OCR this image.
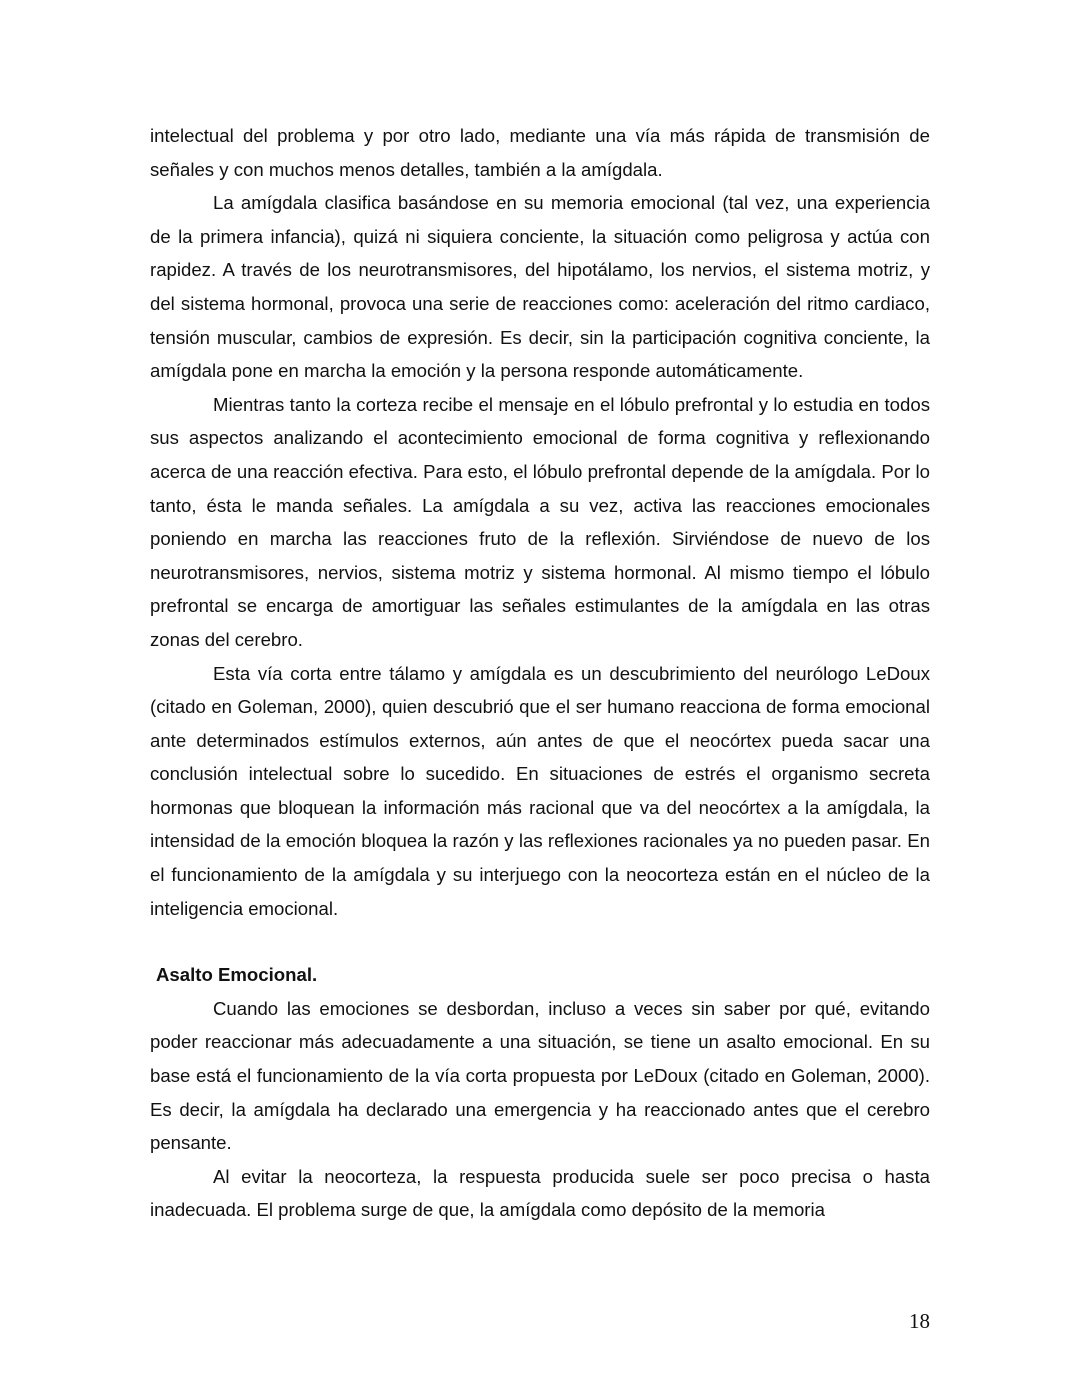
intelectual del problema y por otro lado, mediante una vía más rápida de transmisión de señales y con muchos menos detalles, también a la amígdala.

La amígdala clasifica basándose en su memoria emocional (tal vez, una experiencia de la primera infancia), quizá ni siquiera conciente, la situación como peligrosa y actúa con rapidez. A través de los neurotransmisores, del hipotálamo, los nervios, el sistema motriz, y del sistema hormonal, provoca una serie de reacciones como: aceleración del ritmo cardiaco, tensión muscular, cambios de expresión. Es decir, sin la participación cognitiva conciente, la amígdala pone en marcha la emoción y la persona responde automáticamente.

Mientras tanto la corteza recibe el mensaje en el lóbulo prefrontal y lo estudia en todos sus aspectos analizando el acontecimiento emocional de forma cognitiva y reflexionando acerca de una reacción efectiva. Para esto, el lóbulo prefrontal depende de la amígdala. Por lo tanto, ésta le manda señales. La amígdala a su vez, activa las reacciones emocionales poniendo en marcha las reacciones fruto de la reflexión. Sirviéndose de nuevo de los neurotransmisores, nervios, sistema motriz y sistema hormonal. Al mismo tiempo el lóbulo prefrontal se encarga de amortiguar las señales estimulantes de la amígdala en las otras zonas del cerebro.

Esta vía corta entre tálamo y amígdala es un descubrimiento del neurólogo LeDoux (citado en Goleman, 2000), quien descubrió que el ser humano reacciona de forma emocional ante determinados estímulos externos, aún antes de que el neocórtex pueda sacar una conclusión intelectual sobre lo sucedido. En situaciones de estrés el organismo secreta hormonas que bloquean la información más racional que va del neocórtex a la amígdala, la intensidad de la emoción bloquea la razón y las reflexiones racionales ya no pueden pasar. En el funcionamiento de la amígdala y su interjuego con la neocorteza están en el núcleo de la inteligencia emocional.

Asalto Emocional.

Cuando las emociones se desbordan, incluso a veces sin saber por qué, evitando poder reaccionar más adecuadamente a una situación, se tiene un asalto emocional. En su base está el funcionamiento de la vía corta propuesta por LeDoux (citado en Goleman, 2000). Es decir, la amígdala ha declarado una emergencia y ha reaccionado antes que el cerebro pensante.

Al evitar la neocorteza, la respuesta producida suele ser poco precisa o hasta inadecuada. El problema surge de que, la amígdala como depósito de la memoria

18
